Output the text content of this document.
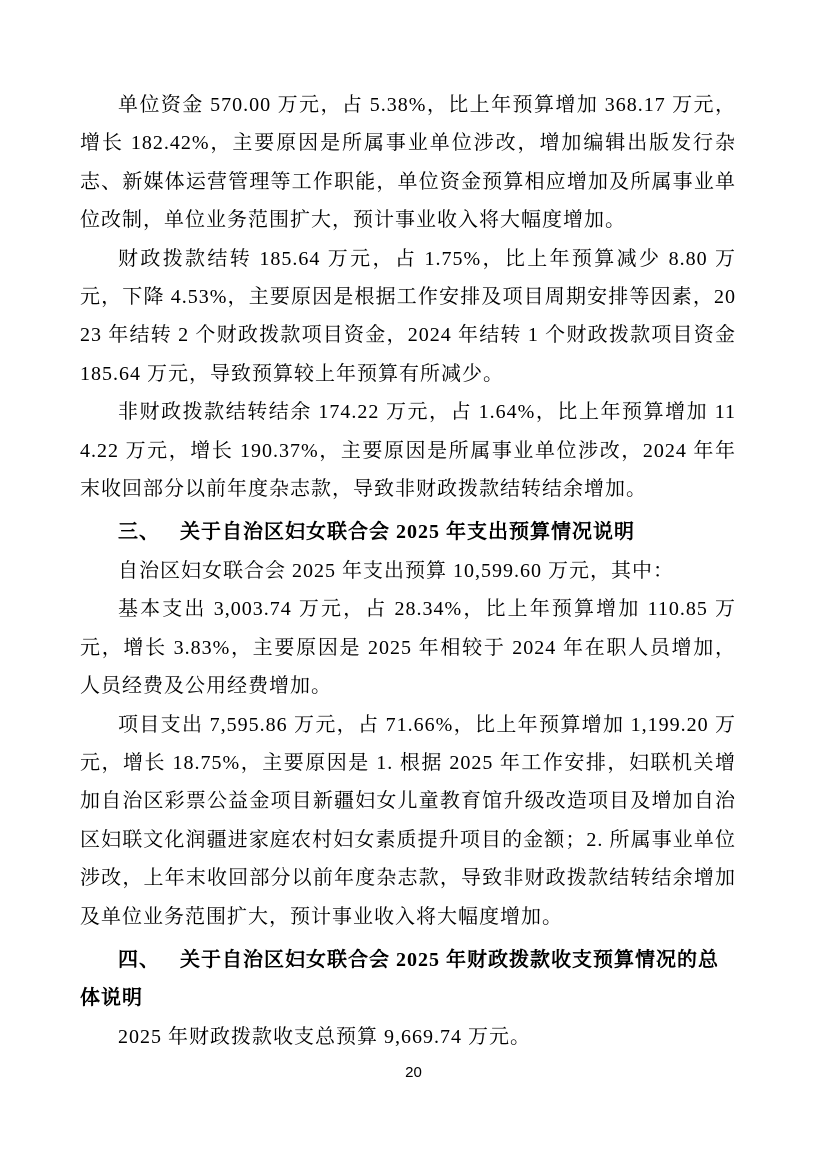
单位资金 570.00 万元，占 5.38%，比上年预算增加 368.17 万元，增长 182.42%，主要原因是所属事业单位涉改，增加编辑出版发行杂志、新媒体运营管理等工作职能，单位资金预算相应增加及所属事业单位改制，单位业务范围扩大，预计事业收入将大幅度增加。

财政拨款结转 185.64 万元，占 1.75%，比上年预算减少 8.80 万元，下降 4.53%，主要原因是根据工作安排及项目周期安排等因素，2023 年结转 2 个财政拨款项目资金，2024 年结转 1 个财政拨款项目资金 185.64 万元，导致预算较上年预算有所减少。

非财政拨款结转结余 174.22 万元，占 1.64%，比上年预算增加 114.22 万元，增长 190.37%，主要原因是所属事业单位涉改，2024 年年末收回部分以前年度杂志款，导致非财政拨款结转结余增加。

三、 关于自治区妇女联合会 2025 年支出预算情况说明

自治区妇女联合会 2025 年支出预算 10,599.60 万元，其中：

基本支出 3,003.74 万元，占 28.34%，比上年预算增加 110.85 万元，增长 3.83%，主要原因是 2025 年相较于 2024 年在职人员增加，人员经费及公用经费增加。

项目支出 7,595.86 万元，占 71.66%，比上年预算增加 1,199.20 万元，增长 18.75%，主要原因是 1. 根据 2025 年工作安排，妇联机关增加自治区彩票公益金项目新疆妇女儿童教育馆升级改造项目及增加自治区妇联文化润疆进家庭农村妇女素质提升项目的金额；2. 所属事业单位涉改，上年末收回部分以前年度杂志款，导致非财政拨款结转结余增加及单位业务范围扩大，预计事业收入将大幅度增加。

四、 关于自治区妇女联合会 2025 年财政拨款收支预算情况的总体说明

2025 年财政拨款收支总预算 9,669.74 万元。

20
